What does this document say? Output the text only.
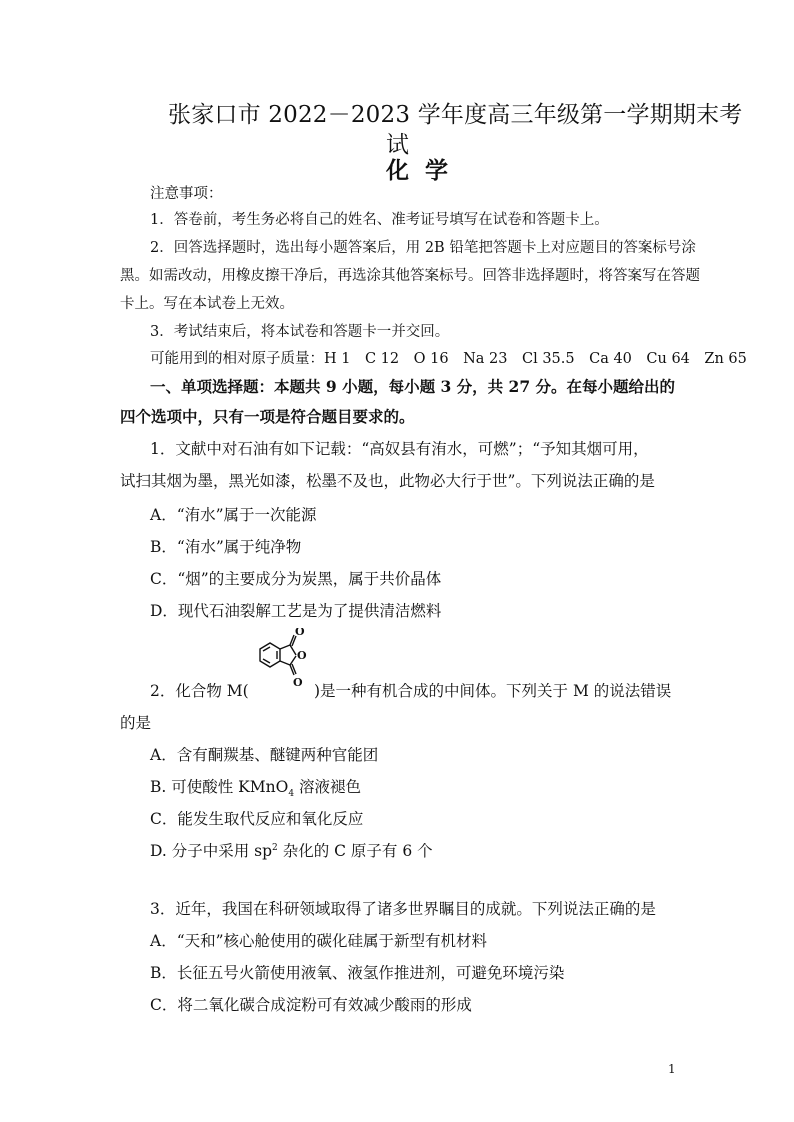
张家口市 2022－2023 学年度高三年级第一学期期末考
试
化学
注意事项：
1．答卷前，考生务必将自己的姓名、准考证号填写在试卷和答题卡上。
2．回答选择题时，选出每小题答案后，用 2B 铅笔把答题卡上对应题目的答案标号涂
黑。如需改动，用橡皮擦干净后，再选涂其他答案标号。回答非选择题时，将答案写在答题
卡上。写在本试卷上无效。
3．考试结束后，将本试卷和答题卡一并交回。
可能用到的相对原子质量：H 1　C 12　O 16　Na 23　Cl 35.5　Ca 40　Cu 64　Zn 65
一、单项选择题：本题共 9 小题，每小题 3 分，共 27 分。在每小题给出的
四个选项中，只有一项是符合题目要求的。
1．文献中对石油有如下记载：“高奴县有洧水，可燃”；“予知其烟可用，
试扫其烟为墨，黑光如漆，松墨不及也，此物必大行于世”。下列说法正确的是
A．“洧水”属于一次能源
B．“洧水”属于纯净物
C．“烟”的主要成分为炭黑，属于共价晶体
D．现代石油裂解工艺是为了提供清洁燃料
2．化合物 M(
O
O
O )是一种有机合成的中间体。下列关于 M 的说法错误
的是
A．含有酮羰基、醚键两种官能团
B. 可使酸性 KMnO$_4$ 溶液褪色
C．能发生取代反应和氧化反应
D. 分子中采用 $sp^2$ 杂化的 C 原子有 6 个
3．近年，我国在科研领域取得了诸多世界瞩目的成就。下列说法正确的是
A．“天和”核心舱使用的碳化硅属于新型有机材料
B．长征五号火箭使用液氧、液氢作推进剂，可避免环境污染
C．将二氧化碳合成淀粉可有效减少酸雨的形成
1
